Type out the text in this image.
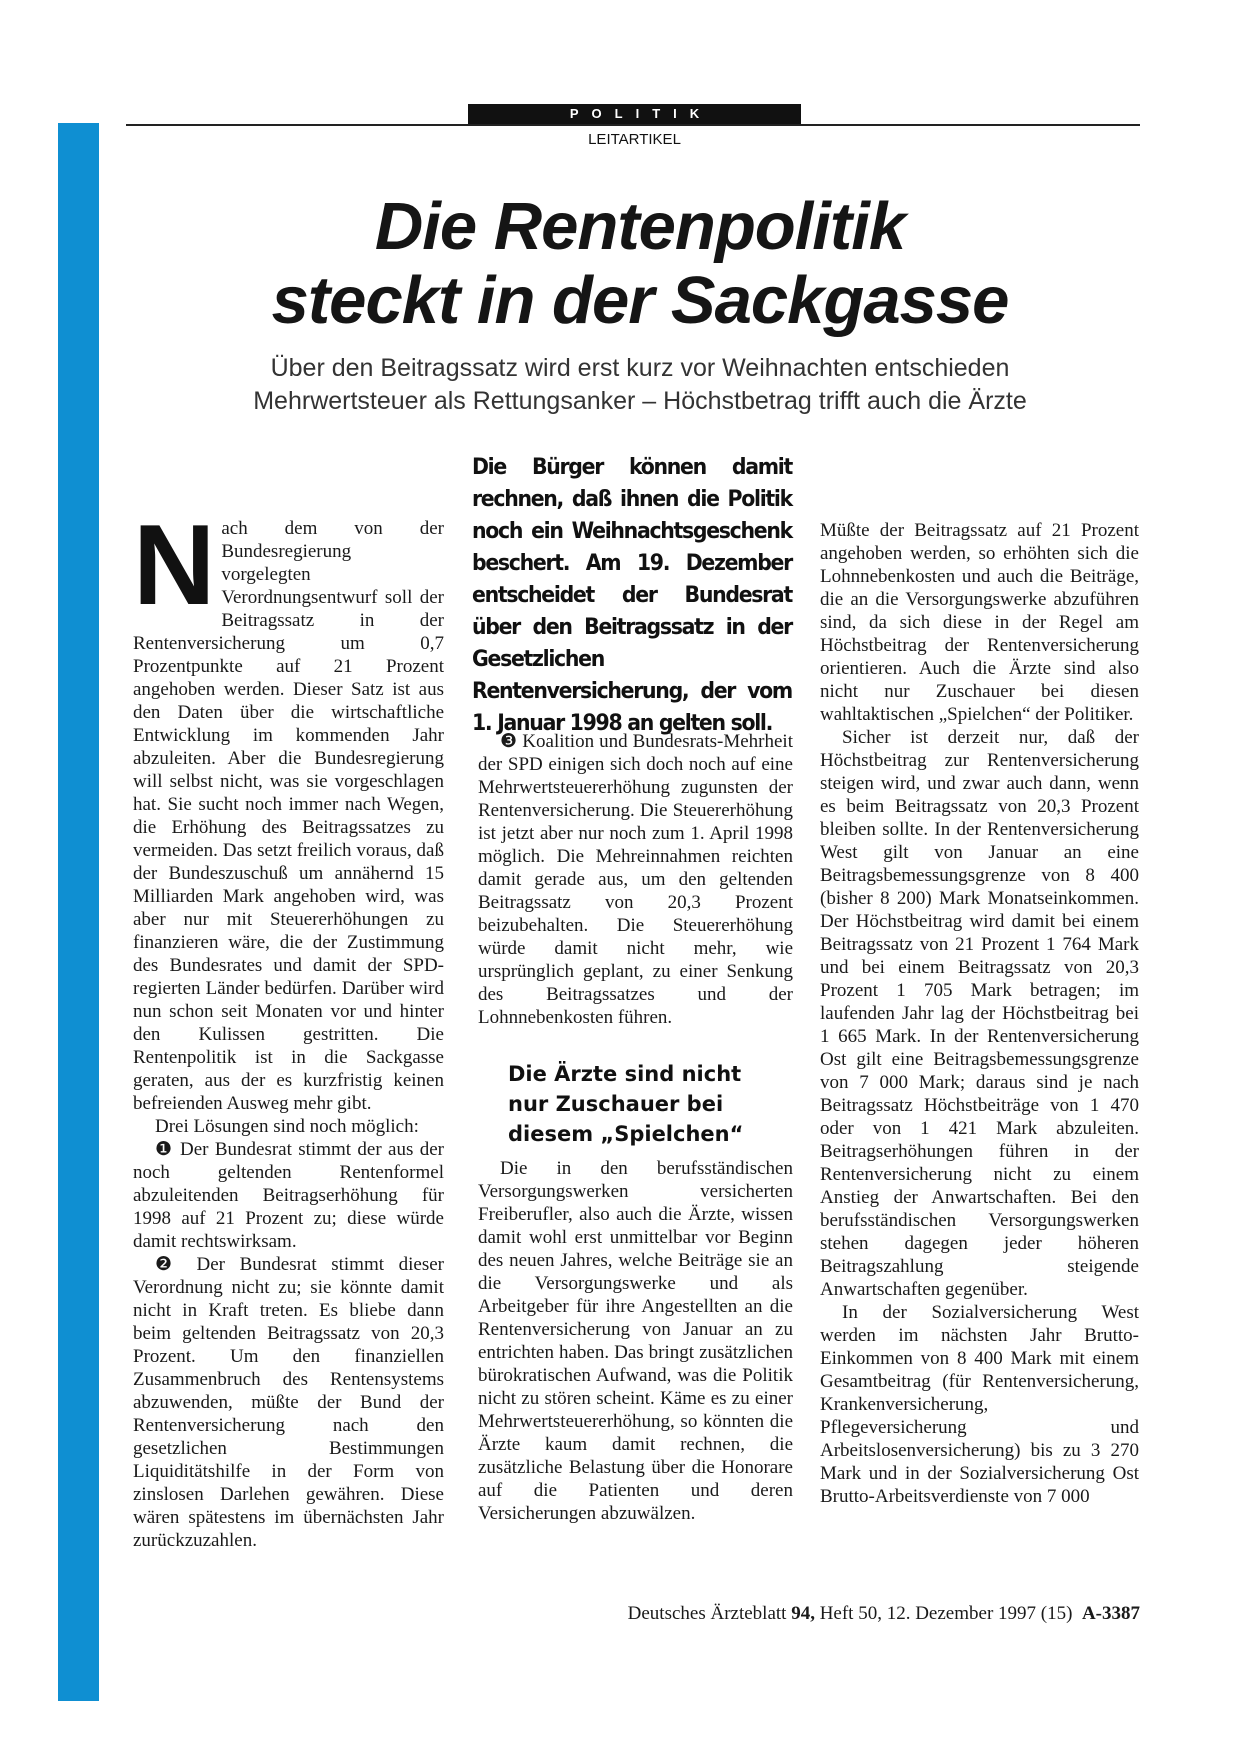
POLITIK
LEITARTIKEL
Die Rentenpolitik
steckt in der Sackgasse
Über den Beitragssatz wird erst kurz vor Weihnachten entschieden
Mehrwertsteuer als Rettungsanker – Höchstbetrag trifft auch die Ärzte
Die Bürger können damit rechnen, daß ihnen die Politik noch ein Weihnachtsgeschenk beschert. Am 19. Dezember entscheidet der Bundesrat über den Beitragssatz in der Gesetzlichen Rentenversicherung, der vom 1. Januar 1998 an gelten soll.

Nach dem von der Bundesregierung vorgelegten Verordnungsentwurf soll der Beitragssatz in der Rentenversicherung um 0,7 Prozentpunkte auf 21 Prozent angehoben werden. Dieser Satz ist aus den Daten über die wirtschaftliche Entwicklung im kommenden Jahr abzuleiten. Aber die Bundesregierung will selbst nicht, was sie vorgeschlagen hat. Sie sucht noch immer nach Wegen, die Erhöhung des Beitragssatzes zu vermeiden. Das setzt freilich voraus, daß der Bundeszuschuß um annähernd 15 Milliarden Mark angehoben wird, was aber nur mit Steuererhöhungen zu finanzieren wäre, die der Zustimmung des Bundesrates und damit der SPD-regierten Länder bedürfen. Darüber wird nun schon seit Monaten vor und hinter den Kulissen gestritten. Die Rentenpolitik ist in die Sackgasse geraten, aus der es kurzfristig keinen befreienden Ausweg mehr gibt.

Drei Lösungen sind noch möglich:

❶ Der Bundesrat stimmt der aus der noch geltenden Rentenformel abzuleitenden Beitragserhöhung für 1998 auf 21 Prozent zu; diese würde damit rechtswirksam.

❷ Der Bundesrat stimmt dieser Verordnung nicht zu; sie könnte damit nicht in Kraft treten. Es bliebe dann beim geltenden Beitragssatz von 20,3 Prozent. Um den finanziellen Zusammenbruch des Rentensystems abzuwenden, müßte der Bund der Rentenversicherung nach den gesetzlichen Bestimmungen Liquiditätshilfe in der Form von zinslosen Darlehen gewähren. Diese wären spätestens im übernächsten Jahr zurückzuzahlen.

❸ Koalition und Bundesrats-Mehrheit der SPD einigen sich doch noch auf eine Mehrwertsteuererhöhung zugunsten der Rentenversicherung. Die Steuererhöhung ist jetzt aber nur noch zum 1. April 1998 möglich. Die Mehreinnahmen reichten damit gerade aus, um den geltenden Beitragssatz von 20,3 Prozent beizubehalten. Die Steuererhöhung würde damit nicht mehr, wie ursprünglich geplant, zu einer Senkung des Beitragssatzes und der Lohnnebenkosten führen.

Die Ärzte sind nicht
nur Zuschauer bei
diesem „Spielchen“

Die in den berufsständischen Versorgungswerken versicherten Freiberufler, also auch die Ärzte, wissen damit wohl erst unmittelbar vor Beginn des neuen Jahres, welche Beiträge sie an die Versorgungswerke und als Arbeitgeber für ihre Angestellten an die Rentenversicherung von Januar an zu entrichten haben. Das bringt zusätzlichen bürokratischen Aufwand, was die Politik nicht zu stören scheint. Käme es zu einer Mehrwertsteuererhöhung, so könnten die Ärzte kaum damit rechnen, die zusätzliche Belastung über die Honorare auf die Patienten und deren Versicherungen abzuwälzen.

Müßte der Beitragssatz auf 21 Prozent angehoben werden, so erhöhten sich die Lohnnebenkosten und auch die Beiträge, die an die Versorgungswerke abzuführen sind, da sich diese in der Regel am Höchstbeitrag der Rentenversicherung orientieren. Auch die Ärzte sind also nicht nur Zuschauer bei diesen wahltaktischen „Spielchen“ der Politiker.

Sicher ist derzeit nur, daß der Höchstbeitrag zur Rentenversicherung steigen wird, und zwar auch dann, wenn es beim Beitragssatz von 20,3 Prozent bleiben sollte. In der Rentenversicherung West gilt von Januar an eine Beitragsbemessungsgrenze von 8 400 (bisher 8 200) Mark Monatseinkommen. Der Höchstbeitrag wird damit bei einem Beitragssatz von 21 Prozent 1 764 Mark und bei einem Beitragssatz von 20,3 Prozent 1 705 Mark betragen; im laufenden Jahr lag der Höchstbeitrag bei 1 665 Mark. In der Rentenversicherung Ost gilt eine Beitragsbemessungsgrenze von 7 000 Mark; daraus sind je nach Beitragssatz Höchstbeiträge von 1 470 oder von 1 421 Mark abzuleiten. Beitragserhöhungen führen in der Rentenversicherung nicht zu einem Anstieg der Anwartschaften. Bei den berufsständischen Versorgungswerken stehen dagegen jeder höheren Beitragszahlung steigende Anwartschaften gegenüber.

In der Sozialversicherung West werden im nächsten Jahr Brutto-Einkommen von 8 400 Mark mit einem Gesamtbeitrag (für Rentenversicherung, Krankenversicherung, Pflegeversicherung und Arbeitslosenversicherung) bis zu 3 270 Mark und in der Sozialversicherung Ost Brutto-Arbeitsverdienste von 7 000

Deutsches Ärzteblatt 94, Heft 50, 12. Dezember 1997 (15) A-3387
